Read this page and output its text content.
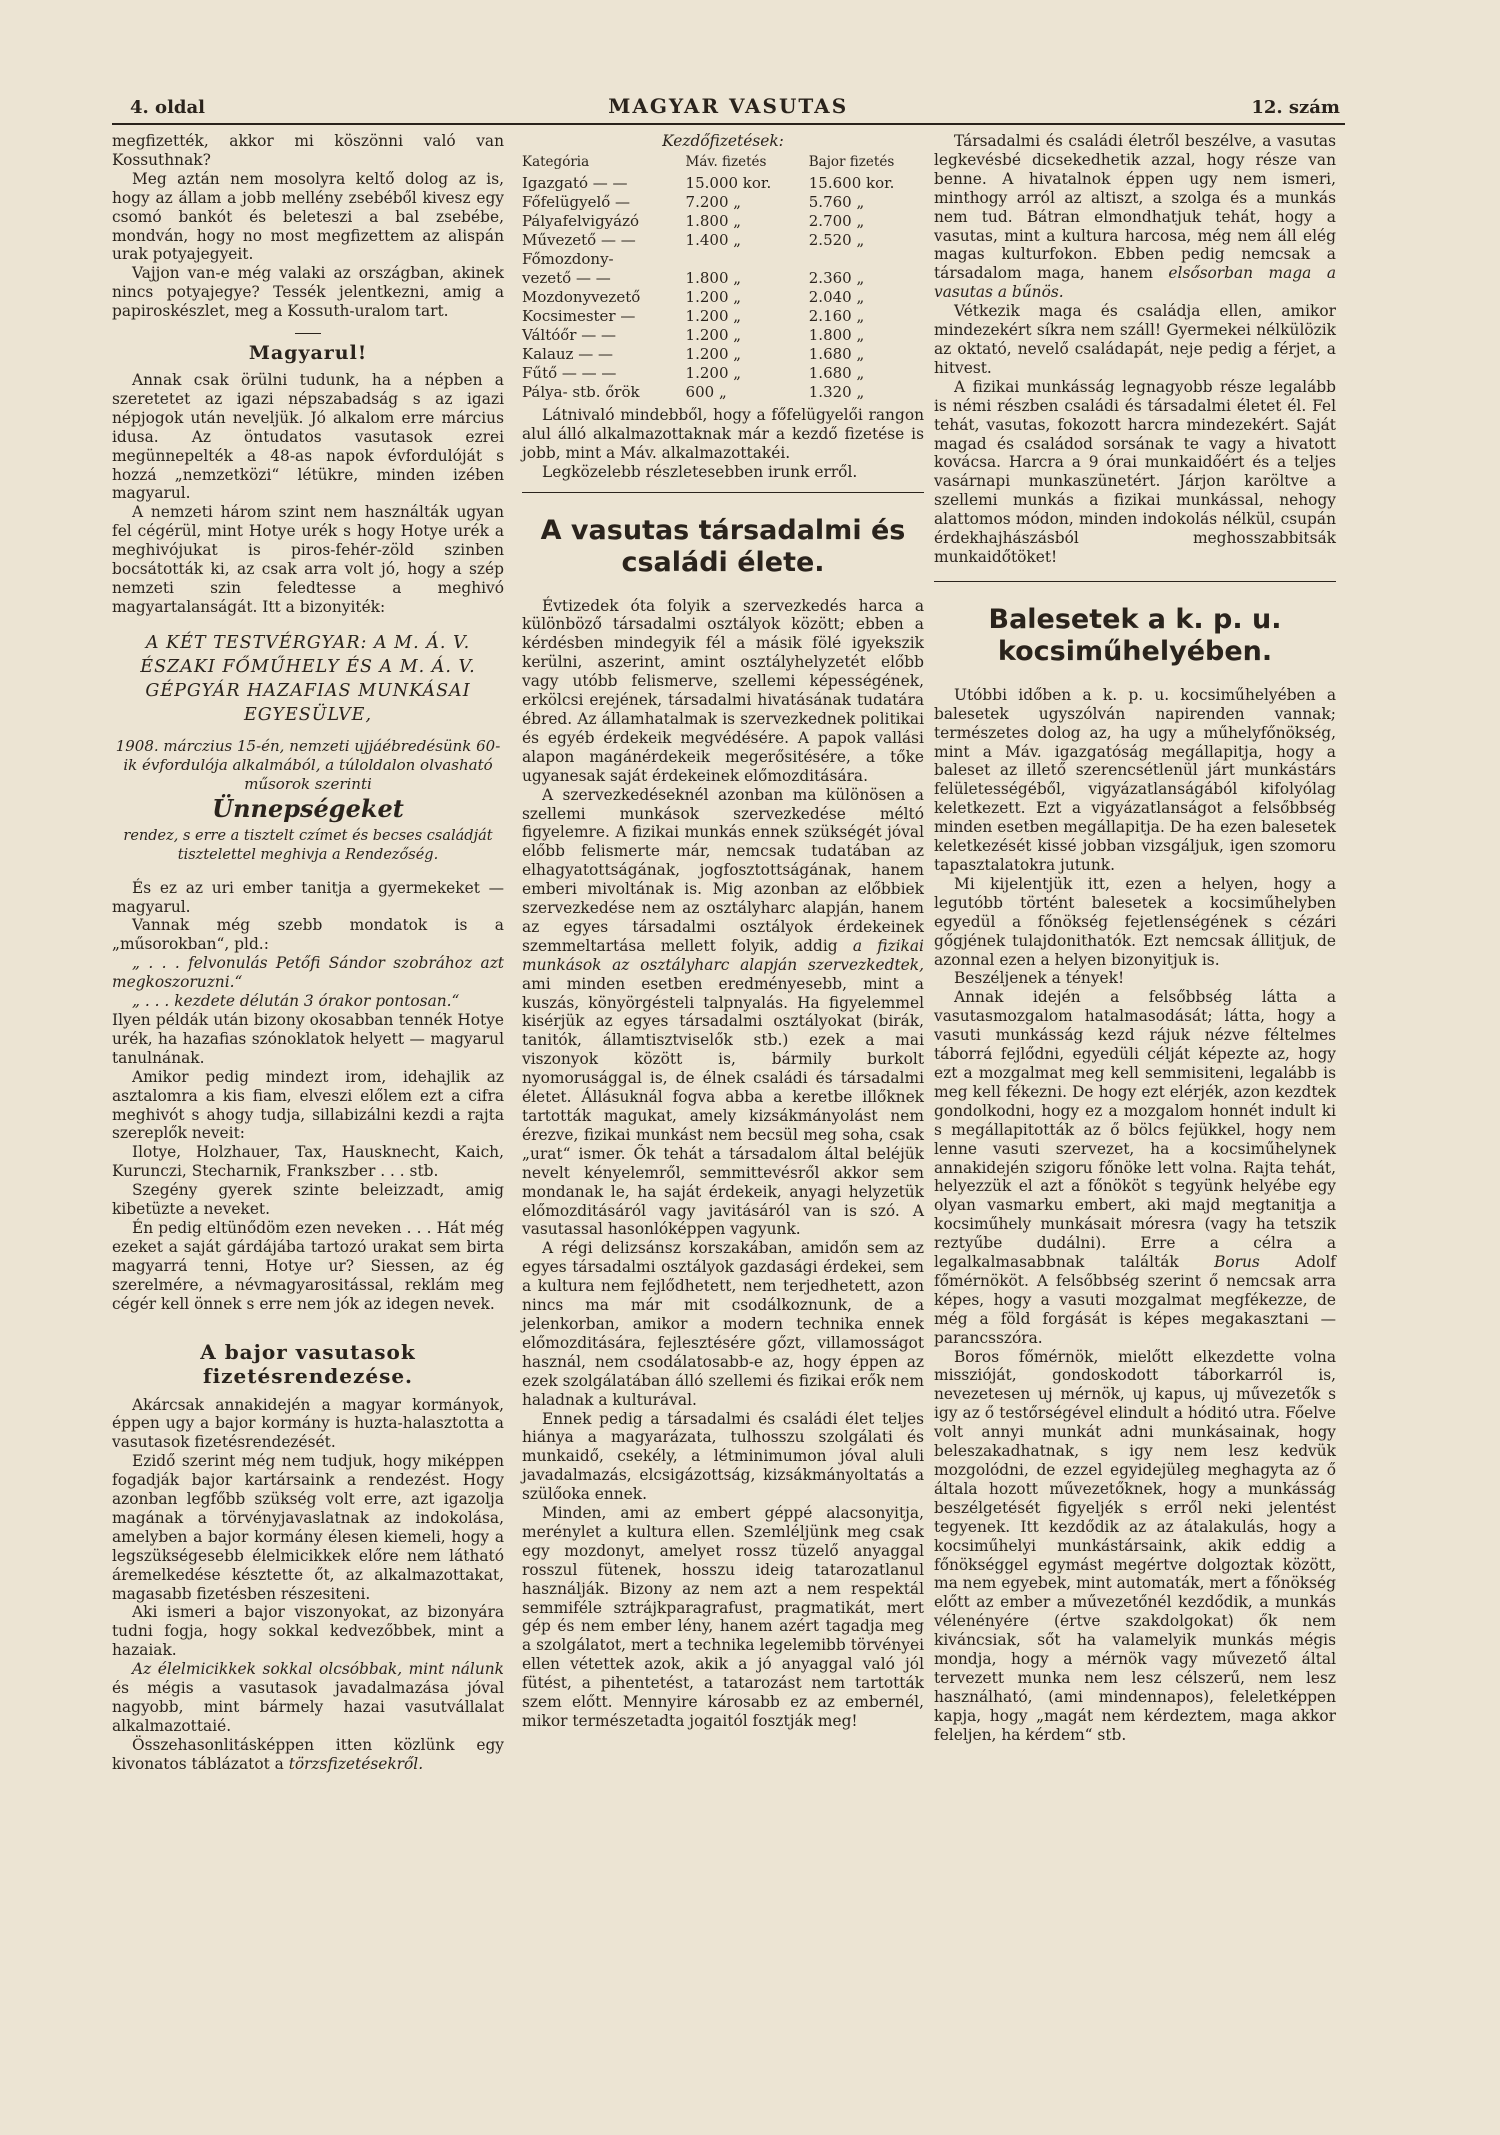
4. oldal	MAGYAR VASUTAS	12. szám

megfizették, akkor mi köszönni való van Kossuthnak?

Meg aztán nem mosolyra keltő dolog az is, hogy az állam a jobb mellény zsebéből kivesz egy csomó bankót és beleteszi a bal zsebébe, mondván, hogy no most megfizettem az alispán urak potyajegyeit.

Vajjon van-e még valaki az országban, akinek nincs potyajegye? Tessék jelentkezni, amig a papiroskészlet, meg a Kossuth-uralom tart.

Magyarul!

Annak csak örülni tudunk, ha a népben a szeretetet az igazi népszabadság s az igazi népjogok után neveljük. Jó alkalom erre március idusa. Az öntudatos vasutasok ezrei megünnepelték a 48-as napok évfordulóját s hozzá „nemzetközi“ létükre, minden izében magyarul.

A nemzeti három szint nem használták ugyan fel cégérül, mint Hotye urék s hogy Hotye urék a meghivójukat is piros-fehér-zöld szinben bocsátották ki, az csak arra volt jó, hogy a szép nemzeti szin feledtesse a meghivó magyartalanságát. Itt a bizonyiték:

A KÉT TESTVÉRGYAR: A M. Á. V. ÉSZAKI FŐMŰHELY ÉS A M. Á. V. GÉPGYÁR HAZAFIAS MUNKÁSAI EGYESÜLVE,
1908. márczius 15-én, nemzeti ujjáébredésünk 60-ik évfordulója alkalmából, a túloldalon olvasható műsorok szerinti
Ünnepségeket
rendez, s erre a tisztelt czímet és becses családját tisztelettel meghivja a Rendezőség.

És ez az uri ember tanitja a gyermekeket — magyarul.

Vannak még szebb mondatok is a „műsorokban“, pld.:

„ . . . felvonulás Petőfi Sándor szobrához azt megkoszoruzni.“

„ . . . kezdete délután 3 órakor pontosan.“

Ilyen példák után bizony okosabban tennék Hotye urék, ha hazafias szónoklatok helyett — magyarul tanulnának.

Amikor pedig mindezt irom, idehajlik az asztalomra a kis fiam, elveszi előlem ezt a cifra meghivót s ahogy tudja, sillabizálni kezdi a rajta szereplők neveit:

Ilotye, Holzhauer, Tax, Hausknecht, Kaich, Kurunczi, Stecharnik, Frankszber . . . stb.

Szegény gyerek szinte beleizzadt, amig kibetüzte a neveket.

Én pedig eltünődöm ezen neveken . . . Hát még ezeket a saját gárdájába tartozó urakat sem birta magyarrá tenni, Hotye ur? Siessen, az ég szerelmére, a névmagyarositással, reklám meg cégér kell önnek s erre nem jók az idegen nevek.

A bajor vasutasok fizetésrendezése.

Akárcsak annakidején a magyar kormányok, éppen ugy a bajor kormány is huzta-halasztotta a vasutasok fizetésrendezését.

Ezidő szerint még nem tudjuk, hogy miképpen fogadják bajor kartársaink a rendezést. Hogy azonban legfőbb szükség volt erre, azt igazolja magának a törvényjavaslatnak az indokolása, amelyben a bajor kormány élesen kiemeli, hogy a legszükségesebb élelmicikkek előre nem látható áremelkedése késztette őt, az alkalmazottakat, magasabb fizetésben részesiteni.

Aki ismeri a bajor viszonyokat, az bizonyára tudni fogja, hogy sokkal kedvezőbbek, mint a hazaiak.

Az élelmicikkek sokkal olcsóbbak, mint nálunk és mégis a vasutasok javadalmazása jóval nagyobb, mint bármely hazai vasutvállalat alkalmazottaié.

Összehasonlitásképpen itten közlünk egy kivonatos táblázatot a törzsfizetésekről.

Kezdőfizetések:
Kategória	Máv. fizetés	Bajor fizetés
Igazgató — —	15.000 kor.	15.600 kor.
Főfelügyelő —	7.200 „	5.760 „
Pályafelvigyázó	1.800 „	2.700 „
Művezető — —	1.400 „	2.520 „
Főmozdony-		
vezető — —	1.800 „	2.360 „
Mozdonyvezető	1.200 „	2.040 „
Kocsimester —	1.200 „	2.160 „
Váltóőr — —	1.200 „	1.800 „
Kalauz — —	1.200 „	1.680 „
Fűtő — — —	1.200 „	1.680 „
Pálya- stb. őrök	600 „	1.320 „

Látnivaló mindebből, hogy a főfelügyelői rangon alul álló alkalmazottaknak már a kezdő fizetése is jobb, mint a Máv. alkalmazottakéi.

Legközelebb részletesebben irunk erről.

A vasutas társadalmi és családi élete.

Évtizedek óta folyik a szervezkedés harca a különböző társadalmi osztályok között; ebben a kérdésben mindegyik fél a másik fölé igyekszik kerülni, aszerint, amint osztályhelyzetét előbb vagy utóbb felismerve, szellemi képességének, erkölcsi erejének, társadalmi hivatásának tudatára ébred. Az államhatalmak is szervezkednek politikai és egyéb érdekeik megvédésére. A papok vallási alapon magánérdekeik megerősitésére, a tőke ugyanesak saját érdekeinek előmozditására.

A szervezkedéseknél azonban ma különösen a szellemi munkások szervezkedése méltó figyelemre. A fizikai munkás ennek szükségét jóval előbb felismerte már, nemcsak tudatában az elhagyatottságának, jogfosztottságának, hanem emberi mivoltának is. Mig azonban az előbbiek szervezkedése nem az osztályharc alapján, hanem az egyes társadalmi osztályok érdekeinek szemmeltartása mellett folyik, addig a fizikai munkások az osztályharc alapján szervezkedtek, ami minden esetben eredményesebb, mint a kuszás, könyörgésteli talpnyalás. Ha figyelemmel kisérjük az egyes társadalmi osztályokat (birák, tanitók, államtisztviselők stb.) ezek a mai viszonyok között is, bármily burkolt nyomorusággal is, de élnek családi és társadalmi életet. Állásuknál fogva abba a keretbe illőknek tartották magukat, amely kizsákmányolást nem érezve, fizikai munkást nem becsül meg soha, csak „urat“ ismer. Ők tehát a társadalom által beléjük nevelt kényelemről, semmittevésről akkor sem mondanak le, ha saját érdekeik, anyagi helyzetük előmozditásáról vagy javitásáról van is szó. A vasutassal hasonlóképpen vagyunk.

A régi delizsánsz korszakában, amidőn sem az egyes társadalmi osztályok gazdasági érdekei, sem a kultura nem fejlődhetett, nem terjedhetett, azon nincs ma már mit csodálkoznunk, de a jelenkorban, amikor a modern technika ennek előmozditására, fejlesztésére gőzt, villamosságot használ, nem csodálatosabb-e az, hogy éppen az ezek szolgálatában álló szellemi és fizikai erők nem haladnak a kulturával.

Ennek pedig a társadalmi és családi élet teljes hiánya a magyarázata, tulhosszu szolgálati és munkaidő, csekély, a létminimumon jóval aluli javadalmazás, elcsigázottság, kizsákmányoltatás a szülőoka ennek.

Minden, ami az embert géppé alacsonyitja, merénylet a kultura ellen. Szemléljünk meg csak egy mozdonyt, amelyet rossz tüzelő anyaggal rosszul fütenek, hosszu ideig tatarozatlanul használják. Bizony az nem azt a nem respektál semmiféle sztrájkparagrafust, pragmatikát, mert gép és nem ember lény, hanem azért tagadja meg a szolgálatot, mert a technika legelemibb törvényei ellen vétettek azok, akik a jó anyaggal való jól fütést, a pihentetést, a tatarozást nem tartották szem előtt. Mennyire károsabb ez az embernél, mikor természetadta jogaitól fosztják meg!

Társadalmi és családi életről beszélve, a vasutas legkevésbé dicsekedhetik azzal, hogy része van benne. A hivatalnok éppen ugy nem ismeri, minthogy arról az altiszt, a szolga és a munkás nem tud. Bátran elmondhatjuk tehát, hogy a vasutas, mint a kultura harcosa, még nem áll elég magas kulturfokon. Ebben pedig nemcsak a társadalom maga, hanem elsősorban maga a vasutas a bűnös.

Vétkezik maga és családja ellen, amikor mindezekért síkra nem száll! Gyermekei nélkülözik az oktató, nevelő családapát, neje pedig a férjet, a hitvest.

A fizikai munkásság legnagyobb része legalább is némi részben családi és társadalmi életet él. Fel tehát, vasutas, fokozott harcra mindezekért. Saját magad és családod sorsának te vagy a hivatott kovácsa. Harcra a 9 órai munkaidőért és a teljes vasárnapi munkaszünetért. Járjon karöltve a szellemi munkás a fizikai munkással, nehogy alattomos módon, minden indokolás nélkül, csupán érdekhajhászásból meghosszabbitsák munkaidőtöket!

Balesetek a k. p. u. kocsiműhelyében.

Utóbbi időben a k. p. u. kocsiműhelyében a balesetek ugyszólván napirenden vannak; természetes dolog az, ha ugy a műhelyfőnökség, mint a Máv. igazgatóság megállapitja, hogy a baleset az illető szerencsétlenül járt munkástárs felületességéből, vigyázatlanságából kifolyólag keletkezett. Ezt a vigyázatlanságot a felsőbbség minden esetben megállapitja. De ha ezen balesetek keletkezését kissé jobban vizsgáljuk, igen szomoru tapasztalatokra jutunk.

Mi kijelentjük itt, ezen a helyen, hogy a legutóbb történt balesetek a kocsiműhelyben egyedül a főnökség fejetlenségének s cézári gőgjének tulajdonithatók. Ezt nemcsak állitjuk, de azonnal ezen a helyen bizonyitjuk is.

Beszéljenek a tények!

Annak idején a felsőbbség látta a vasutasmozgalom hatalmasodását; látta, hogy a vasuti munkásság kezd rájuk nézve féltelmes táborrá fejlődni, egyedüli célját képezte az, hogy ezt a mozgalmat meg kell semmisiteni, legalább is meg kell fékezni. De hogy ezt elérjék, azon kezdtek gondolkodni, hogy ez a mozgalom honnét indult ki s megállapitották az ő bölcs fejükkel, hogy nem lenne vasuti szervezet, ha a kocsiműhelynek annakidején szigoru főnöke lett volna. Rajta tehát, helyezzük el azt a főnököt s tegyünk helyébe egy olyan vasmarku embert, aki majd megtanitja a kocsiműhely munkásait móresra (vagy ha tetszik reztyűbe dudálni). Erre a célra a legalkalmasabbnak találták Borus Adolf főmérnököt. A felsőbbség szerint ő nemcsak arra képes, hogy a vasuti mozgalmat megfékezze, de még a föld forgását is képes megakasztani — parancsszóra.

Boros főmérnök, mielőtt elkezdette volna misszióját, gondoskodott táborkarról is, nevezetesen uj mérnök, uj kapus, uj művezetők s igy az ő testőrségével elindult a hóditó utra. Főelve volt annyi munkát adni munkásainak, hogy beleszakadhatnak, s igy nem lesz kedvük mozgolódni, de ezzel egyidejüleg meghagyta az ő általa hozott művezetőknek, hogy a munkásság beszélgetését figyeljék s erről neki jelentést tegyenek. Itt kezdődik az az átalakulás, hogy a kocsiműhelyi munkástársaink, akik eddig a főnökséggel egymást megértve dolgoztak között, ma nem egyebek, mint automaták, mert a főnökség előtt az ember a művezetőnél kezdődik, a munkás vélenényére (értve szakdolgokat) ők nem kiváncsiak, sőt ha valamelyik munkás mégis mondja, hogy a mérnök vagy művezető által tervezett munka nem lesz célszerű, nem lesz használható, (ami mindennapos), feleletképpen kapja, hogy „magát nem kérdeztem, maga akkor feleljen, ha kérdem“ stb.
